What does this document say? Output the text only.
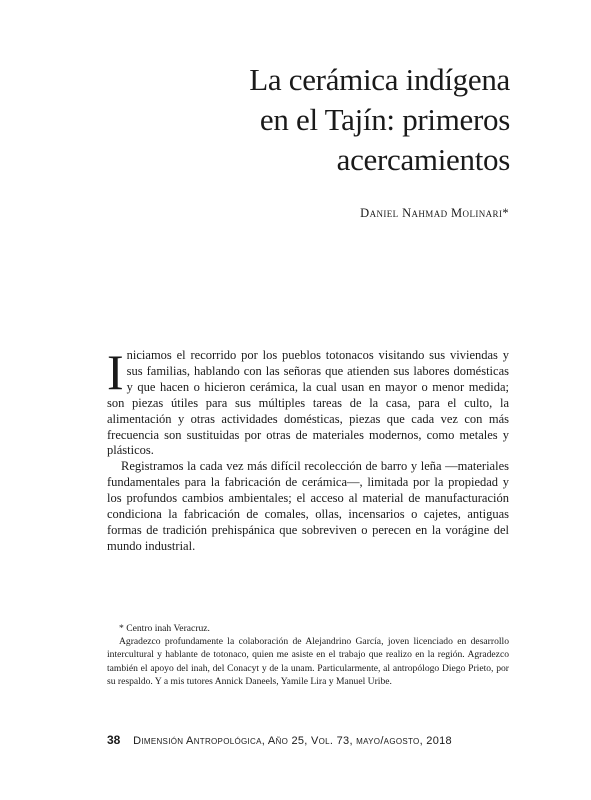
La cerámica indígena
en el Tajín: primeros
acercamientos
Daniel Nahmad Molinari*

Iniciamos el recorrido por los pueblos totonacos visitando sus viviendas y sus familias, hablando con las señoras que atienden sus labores domésticas y que hacen o hicieron cerámica, la cual usan en mayor o menor medida; son piezas útiles para sus múltiples tareas de la casa, para el culto, la alimentación y otras actividades domésticas, piezas que cada vez con más frecuencia son sustituidas por otras de materiales modernos, como metales y plásticos.

Registramos la cada vez más difícil recolección de barro y leña —materiales fundamentales para la fabricación de cerámica—, limitada por la propiedad y los profundos cambios ambientales; el acceso al material de manufacturación condiciona la fabricación de comales, ollas, incensarios o cajetes, antiguas formas de tradición prehispánica que sobreviven o perecen en la vorágine del mundo industrial.

* Centro inah Veracruz.

Agradezco profundamente la colaboración de Alejandrino García, joven licenciado en desarrollo intercultural y hablante de totonaco, quien me asiste en el trabajo que realizo en la región. Agradezco también el apoyo del inah, del Conacyt y de la unam. Particularmente, al antropólogo Diego Prieto, por su respaldo. Y a mis tutores Annick Daneels, Yamile Lira y Manuel Uribe.

38 Dimensión Antropológica, Año 25, Vol. 73, mayo/agosto, 2018
